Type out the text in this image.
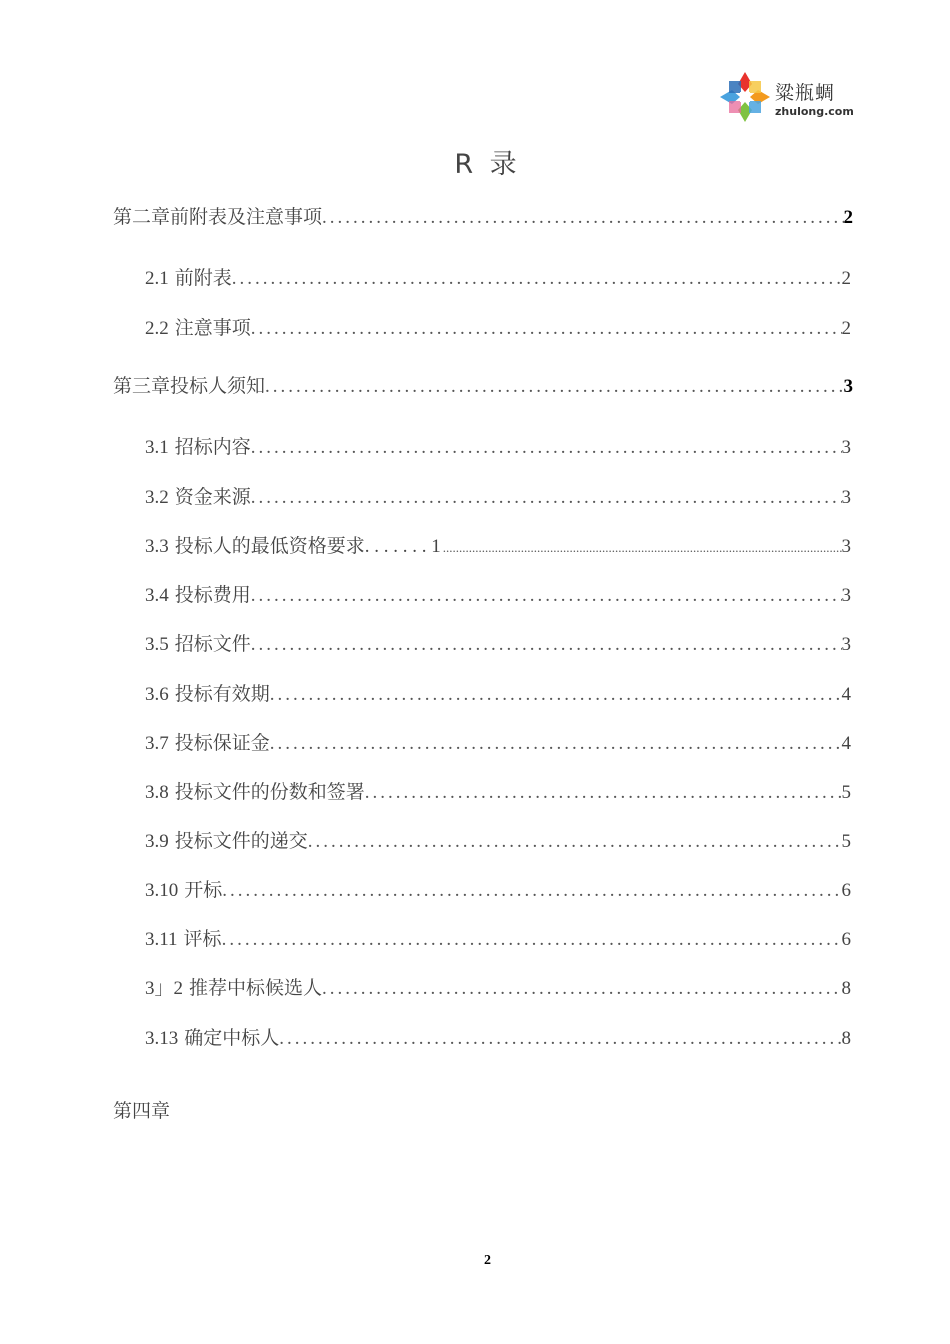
粱瓶蜩
zhulong.com
R 录
第二章前附表及注意事项 .....	2
2.1 前附表 .....	2
2.2 注意事项 .....	2
第三章投标人须知 .....	3
3.1 招标内容 .....	3
3.2 资金来源 .....	3
3.3 投标人的最低资格要求 . . . . . . . 1 .....	3
3.4 投标费用 .....	3
3.5 招标文件 .....	3
3.6 投标有效期 .....	4
3.7 投标保证金 .....	4
3.8 投标文件的份数和签署 .....	5
3.9 投标文件的递交 .....	5
3.10 开标 .....	6
3.11 评标 .....	6
3」2 推荐中标候选人 .....	8
3.13 确定中标人 .....	8
第四章
2
